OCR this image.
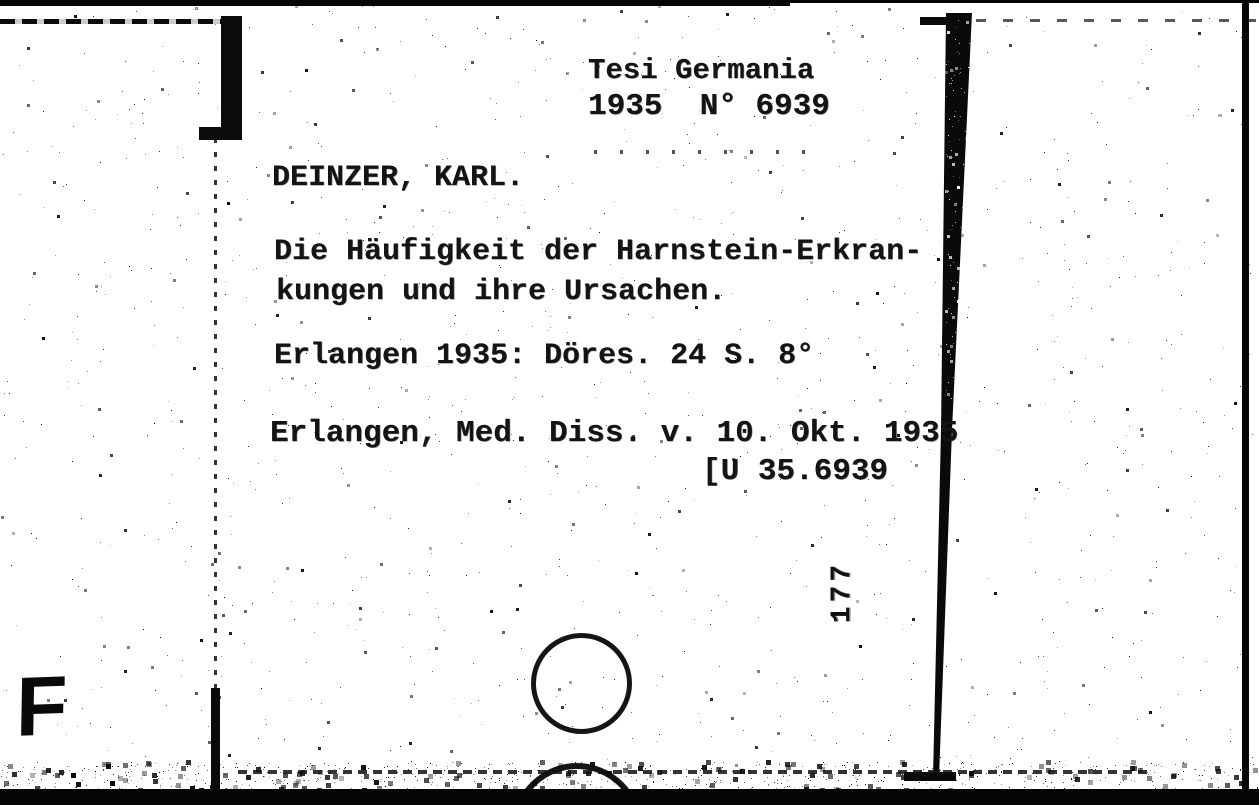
Tesi Germania
1935  N° 6939
DEINZER, KARL.
Die Häufigkeit der Harnstein-Erkran-
kungen und ihre Ursachen.
Erlangen 1935: Döres. 24 S. 8°
Erlangen, Med. Diss. v. 10. Okt. 1935
[U 35.6939
177
F
